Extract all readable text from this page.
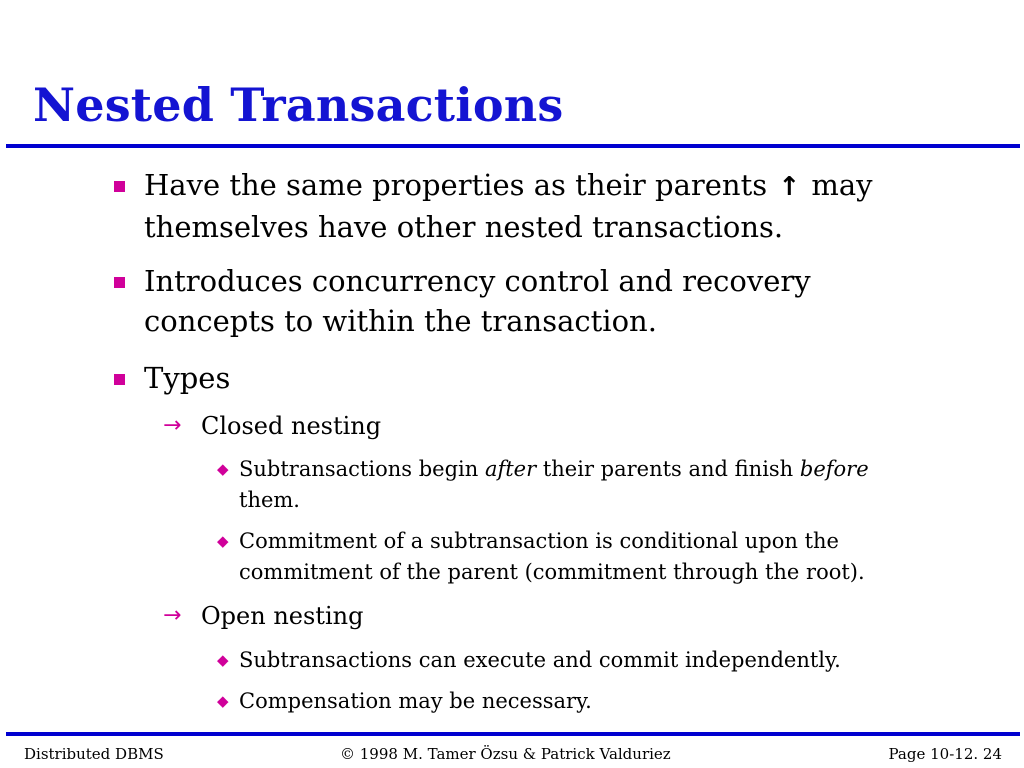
Nested Transactions
Have the same properties as their parents ↑ may
themselves have other nested transactions.
Introduces concurrency control and recovery
concepts to within the transaction.
Types
→ Closed nesting
◆ Subtransactions begin after their parents and finish before
them.
◆ Commitment of a subtransaction is conditional upon the
commitment of the parent (commitment through the root).
→ Open nesting
◆ Subtransactions can execute and commit independently.
◆ Compensation may be necessary.
Distributed DBMS	© 1998 M. Tamer Özsu & Patrick Valduriez	Page 10-12. 24
